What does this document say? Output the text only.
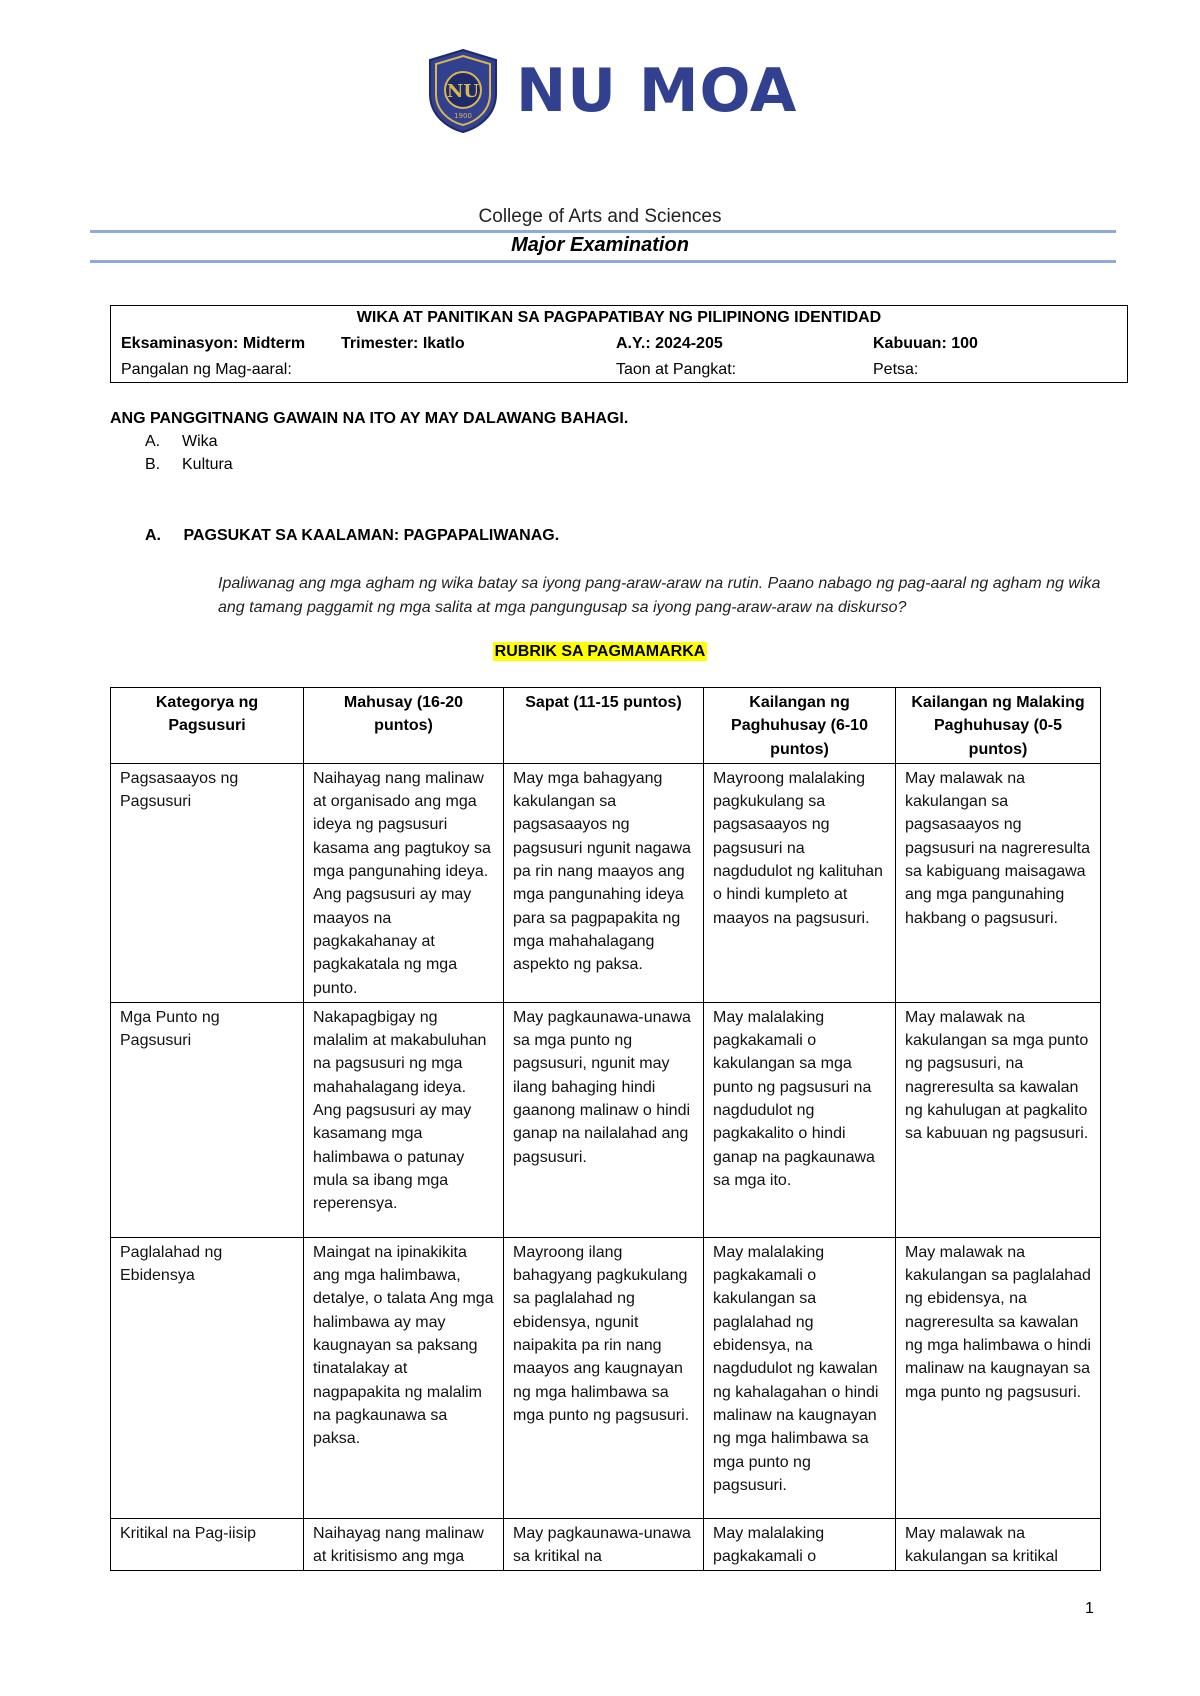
NU
1900 NU MOA
College of Arts and Sciences
Major Examination
WIKA AT PANITIKAN SA PAGPAPATIBAY NG PILIPINONG IDENTIDAD
Eksaminasyon: Midterm Trimester: Ikatlo	A.Y.: 2024-205	Kabuuan: 100
Pangalan ng Mag-aaral:	Taon at Pangkat:	Petsa:
ANG PANGGITNANG GAWAIN NA ITO AY MAY DALAWANG BAHAGI.
A. Wika
B. Kultura
A. PAGSUKAT SA KAALAMAN: PAGPAPALIWANAG.
Ipaliwanag ang mga agham ng wika batay sa iyong pang-araw-araw na rutin. Paano nabago ng pag-aaral ng agham ng wika ang tamang paggamit ng mga salita at mga pangungusap sa iyong pang-araw-araw na diskurso?
RUBRIK SA PAGMAMARKA
Kategorya ng Pagsusuri	Mahusay (16-20 puntos)	Sapat (11-15 puntos)	Kailangan ng Paghuhusay (6-10 puntos)	Kailangan ng Malaking Paghuhusay (0-5 puntos)
Pagsasaayos ng Pagsusuri	Naihayag nang malinaw at organisado ang mga ideya ng pagsusuri kasama ang pagtukoy sa mga pangunahing ideya. Ang pagsusuri ay may maayos na pagkakahanay at pagkakatala ng mga punto.	May mga bahagyang kakulangan sa pagsasaayos ng pagsusuri ngunit nagawa pa rin nang maayos ang mga pangunahing ideya para sa pagpapakita ng mga mahahalagang aspekto ng paksa.	Mayroong malalaking pagkukulang sa pagsasaayos ng pagsusuri na nagdudulot ng kalituhan o hindi kumpleto at maayos na pagsusuri.	May malawak na kakulangan sa pagsasaayos ng pagsusuri na nagreresulta sa kabiguang maisagawa ang mga pangunahing hakbang o pagsusuri.
Mga Punto ng Pagsusuri	Nakapagbigay ng malalim at makabuluhan na pagsusuri ng mga mahahalagang ideya. Ang pagsusuri ay may kasamang mga halimbawa o patunay mula sa ibang mga reperensya.	May pagkaunawa-unawa sa mga punto ng pagsusuri, ngunit may ilang bahaging hindi gaanong malinaw o hindi ganap na nailalahad ang pagsusuri.	May malalaking pagkakamali o kakulangan sa mga punto ng pagsusuri na nagdudulot ng pagkakalito o hindi ganap na pagkaunawa sa mga ito.	May malawak na kakulangan sa mga punto ng pagsusuri, na nagreresulta sa kawalan ng kahulugan at pagkalito sa kabuuan ng pagsusuri.
Paglalahad ng Ebidensya	Maingat na ipinakikita ang mga halimbawa, detalye, o talata Ang mga halimbawa ay may kaugnayan sa paksang tinatalakay at nagpapakita ng malalim na pagkaunawa sa paksa.	Mayroong ilang bahagyang pagkukulang sa paglalahad ng ebidensya, ngunit naipakita pa rin nang maayos ang kaugnayan ng mga halimbawa sa mga punto ng pagsusuri.	May malalaking pagkakamali o kakulangan sa paglalahad ng ebidensya, na nagdudulot ng kawalan ng kahalagahan o hindi malinaw na kaugnayan ng mga halimbawa sa mga punto ng pagsusuri.	May malawak na kakulangan sa paglalahad ng ebidensya, na nagreresulta sa kawalan ng mga halimbawa o hindi malinaw na kaugnayan sa mga punto ng pagsusuri.
Kritikal na Pag-iisip	Naihayag nang malinaw at kritisismo ang mga	May pagkaunawa-unawa sa kritikal na	May malalaking pagkakamali o	May malawak na kakulangan sa kritikal
1
